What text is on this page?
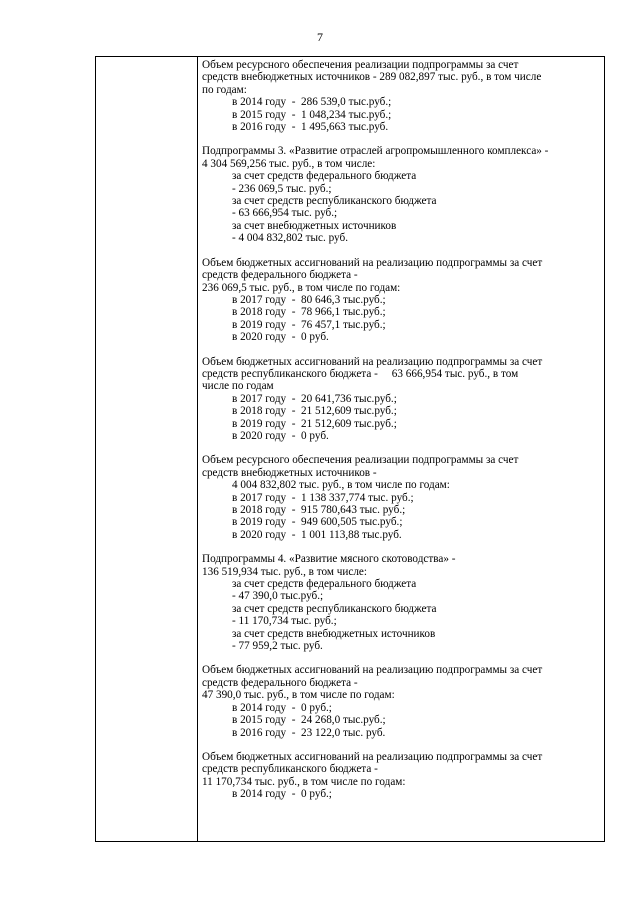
7
Объем ресурсного обеспечения реализации подпрограммы за счет
средств внебюджетных источников - 289 082,897 тыс. руб., в том числе
по годам:
в 2014 году  -  286 539,0 тыс.руб.;
в 2015 году  -  1 048,234 тыс.руб.;
в 2016 году  -  1 495,663 тыс.руб.
Подпрограммы 3. «Развитие отраслей агропромышленного комплекса» -
4 304 569,256 тыс. руб., в том числе:
за счет средств федерального бюджета
- 236 069,5 тыс. руб.;
за счет средств республиканского бюджета
- 63 666,954 тыс. руб.;
за счет внебюджетных источников
- 4 004 832,802 тыс. руб.
Объем бюджетных ассигнований на реализацию подпрограммы за счет
средств федерального бюджета -
236 069,5 тыс. руб., в том числе по годам:
в 2017 году  -  80 646,3 тыс.руб.;
в 2018 году  -  78 966,1 тыс.руб.;
в 2019 году  -  76 457,1 тыс.руб.;
в 2020 году  -  0 руб.
Объем бюджетных ассигнований на реализацию подпрограммы за счет
средств республиканского бюджета -     63 666,954 тыс. руб., в том
числе по годам
в 2017 году  -  20 641,736 тыс.руб.;
в 2018 году  -  21 512,609 тыс.руб.;
в 2019 году  -  21 512,609 тыс.руб.;
в 2020 году  -  0 руб.
Объем ресурсного обеспечения реализации подпрограммы за счет
средств внебюджетных источников -
4 004 832,802 тыс. руб., в том числе по годам:
в 2017 году  -  1 138 337,774 тыс. руб.;
в 2018 году  -  915 780,643 тыс. руб.;
в 2019 году  -  949 600,505 тыс.руб.;
в 2020 году  -  1 001 113,88 тыс.руб.
Подпрограммы 4. «Развитие мясного скотоводства» -
136 519,934 тыс. руб., в том числе:
за счет средств федерального бюджета
- 47 390,0 тыс.руб.;
за счет средств республиканского бюджета
- 11 170,734 тыс. руб.;
за счет средств внебюджетных источников
- 77 959,2 тыс. руб.
Объем бюджетных ассигнований на реализацию подпрограммы за счет
средств федерального бюджета -
47 390,0 тыс. руб., в том числе по годам:
в 2014 году  -  0 руб.;
в 2015 году  -  24 268,0 тыс.руб.;
в 2016 году  -  23 122,0 тыс. руб.
Объем бюджетных ассигнований на реализацию подпрограммы за счет
средств республиканского бюджета -
11 170,734 тыс. руб., в том числе по годам:
в 2014 году  -  0 руб.;
